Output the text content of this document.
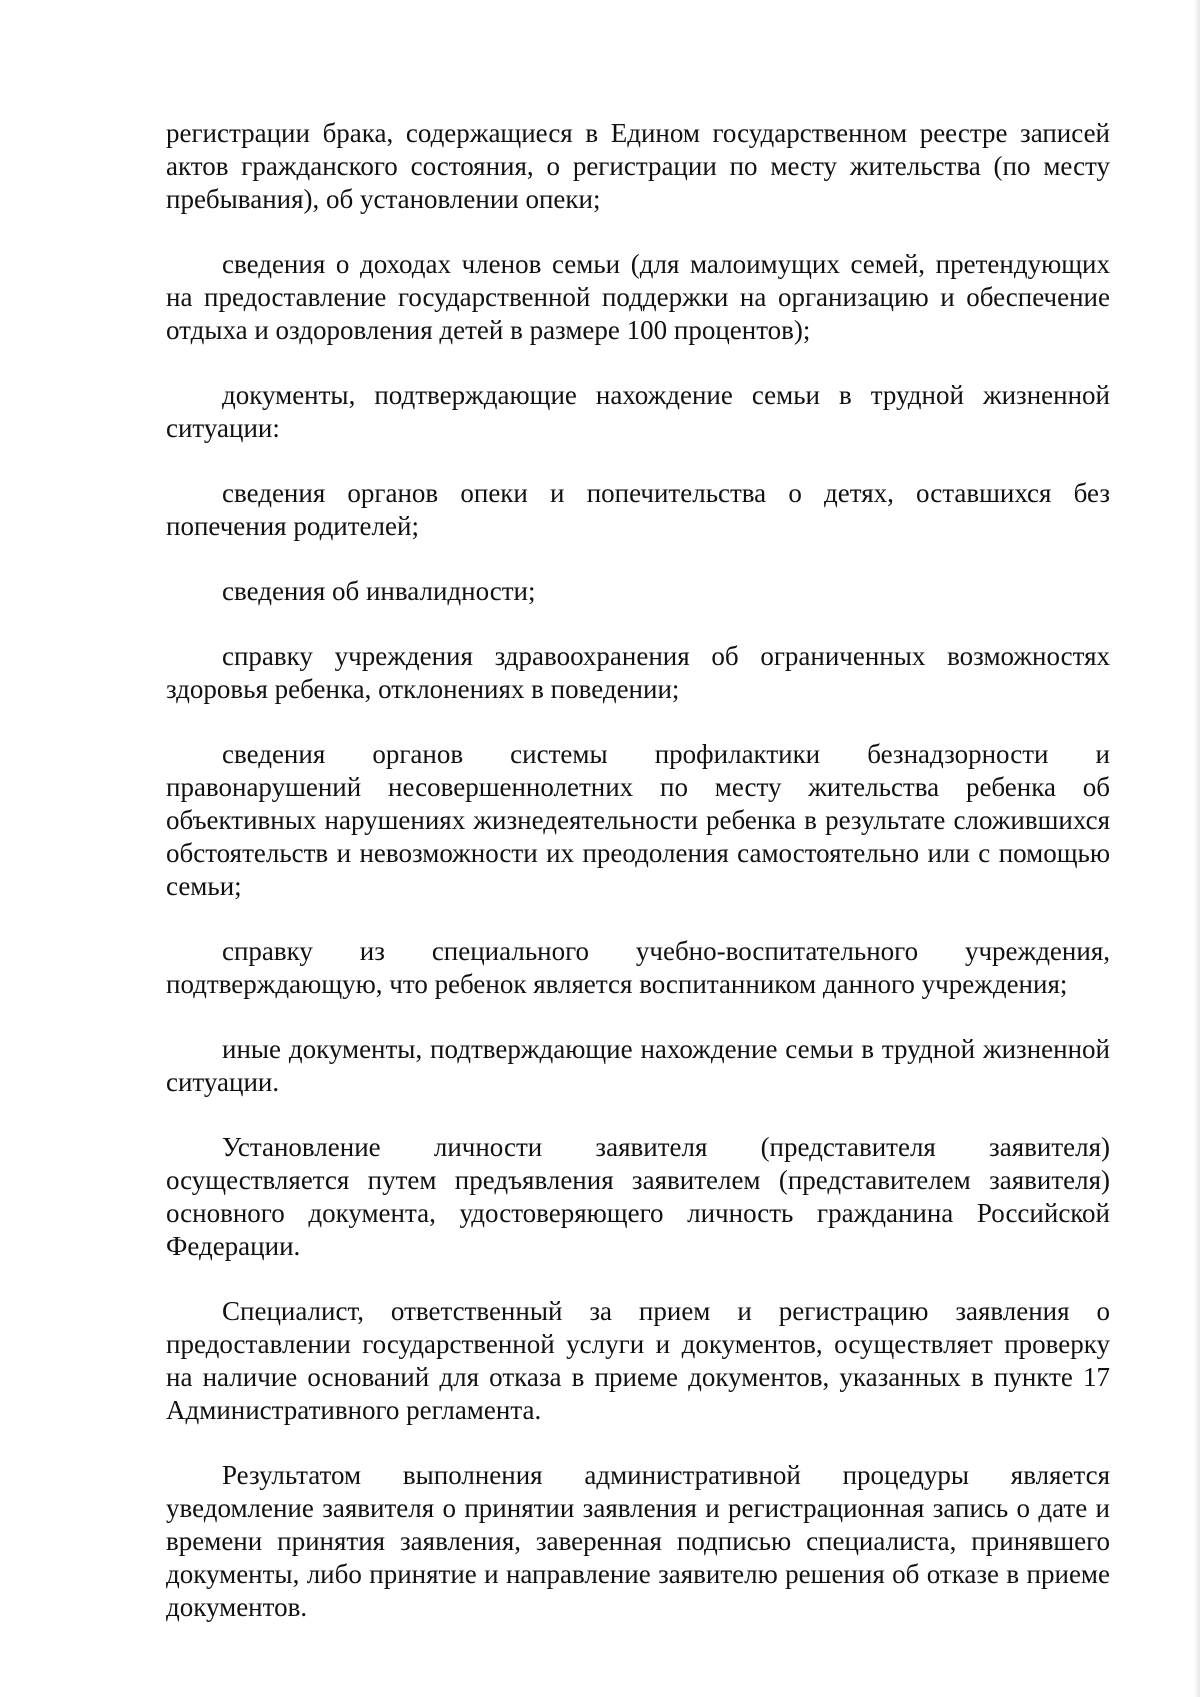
регистрации брака, содержащиеся в Едином государственном реестре записей актов гражданского состояния, о регистрации по месту жительства (по месту пребывания), об установлении опеки;

сведения о доходах членов семьи (для малоимущих семей, претендующих на предоставление государственной поддержки на организацию и обеспечение отдыха и оздоровления детей в размере 100 процентов);

документы, подтверждающие нахождение семьи в трудной жизненной ситуации:

сведения органов опеки и попечительства о детях, оставшихся без попечения родителей;

сведения об инвалидности;

справку учреждения здравоохранения об ограниченных возможностях здоровья ребенка, отклонениях в поведении;

сведения органов системы профилактики безнадзорности и правонарушений несовершеннолетних по месту жительства ребенка об объективных нарушениях жизнедеятельности ребенка в результате сложившихся обстоятельств и невозможности их преодоления самостоятельно или с помощью семьи;

справку из специального учебно-воспитательного учреждения, подтверждающую, что ребенок является воспитанником данного учреждения;

иные документы, подтверждающие нахождение семьи в трудной жизненной ситуации.

Установление личности заявителя (представителя заявителя) осуществляется путем предъявления заявителем (представителем заявителя) основного документа, удостоверяющего личность гражданина Российской Федерации.

Специалист, ответственный за прием и регистрацию заявления о предоставлении государственной услуги и документов, осуществляет проверку на наличие оснований для отказа в приеме документов, указанных в пункте 17 Административного регламента.

Результатом выполнения административной процедуры является уведомление заявителя о принятии заявления и регистрационная запись о дате и времени принятия заявления, заверенная подписью специалиста, принявшего документы, либо принятие и направление заявителю решения об отказе в приеме документов.
